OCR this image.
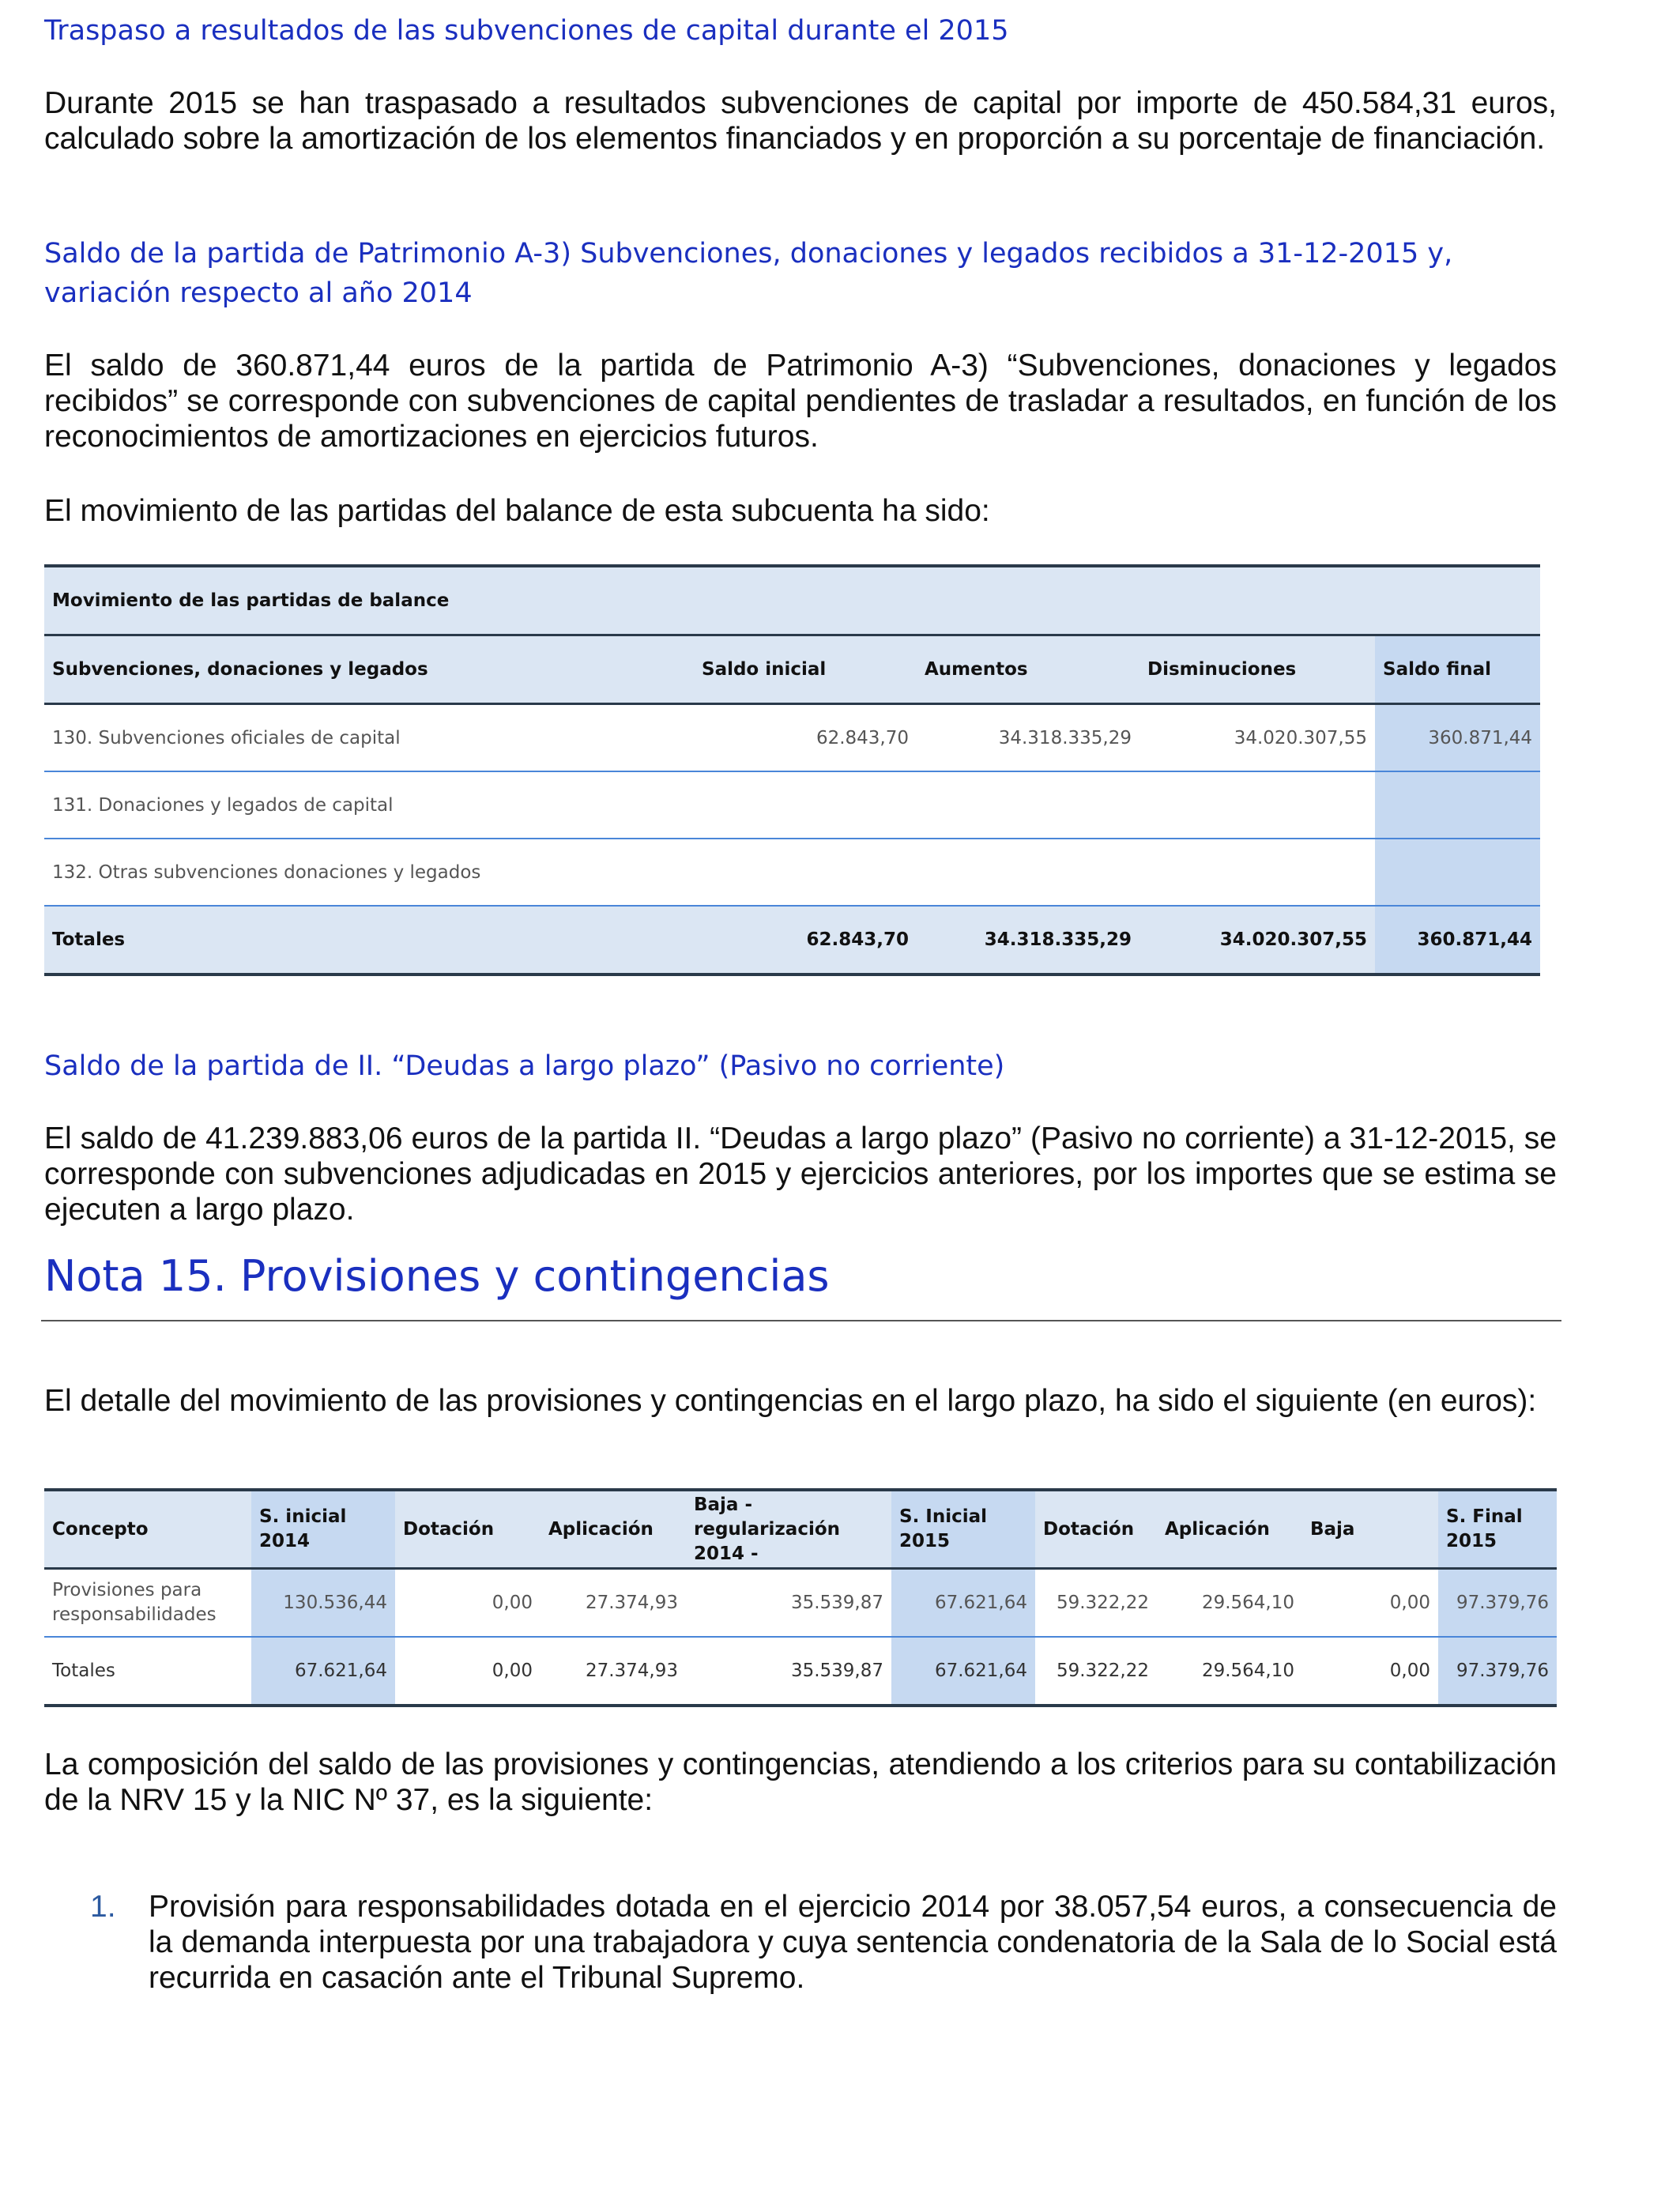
Traspaso a resultados de las subvenciones de capital durante el 2015

Durante 2015 se han traspasado a resultados subvenciones de capital por importe de 450.584,31 euros, calculado sobre la amortización de los elementos financiados y en proporción a su porcentaje de financiación.

Saldo de la partida de Patrimonio A-3) Subvenciones, donaciones y legados recibidos a 31-12-2015 y, variación respecto al año 2014

El saldo de 360.871,44 euros de la partida de Patrimonio A-3) “Subvenciones, donaciones y legados recibidos” se corresponde con subvenciones de capital pendientes de trasladar a resultados, en función de los reconocimientos de amortizaciones en ejercicios futuros.

El movimiento de las partidas del balance de esta subcuenta ha sido:

Movimiento de las partidas de balance				
Subvenciones, donaciones y legados	Saldo inicial	Aumentos	Disminuciones	Saldo final
130. Subvenciones oficiales de capital	62.843,70	34.318.335,29	34.020.307,55	360.871,44
131. Donaciones y legados de capital				
132. Otras subvenciones donaciones y legados				
Totales	62.843,70	34.318.335,29	34.020.307,55	360.871,44
Saldo de la partida de II. “Deudas a largo plazo” (Pasivo no corriente)

El saldo de 41.239.883,06 euros de la partida II. “Deudas a largo plazo” (Pasivo no corriente) a 31-12-2015, se corresponde con subvenciones adjudicadas en 2015 y ejercicios anteriores, por los importes que se estima se ejecuten a largo plazo.

Nota 15. Provisiones y contingencias

El detalle del movimiento de las provisiones y contingencias en el largo plazo, ha sido el siguiente (en euros):

Concepto	S. inicial 2014	Dotación	Aplicación	Baja - regularización 2014 -	S. Inicial 2015	Dotación	Aplicación	Baja	S. Final 2015
Provisiones para responsabilidades	130.536,44	0,00	27.374,93	35.539,87	67.621,64	59.322,22	29.564,10	0,00	97.379,76
Totales	67.621,64	0,00	27.374,93	35.539,87	67.621,64	59.322,22	29.564,10	0,00	97.379,76

La composición del saldo de las provisiones y contingencias, atendiendo a los criterios para su contabilización de la NRV 15 y la NIC Nº 37, es la siguiente:

1.	Provisión para responsabilidades dotada en el ejercicio 2014 por 38.057,54 euros, a consecuencia de la demanda interpuesta por una trabajadora y cuya sentencia condenatoria de la Sala de lo Social está recurrida en casación ante el Tribunal Supremo.
